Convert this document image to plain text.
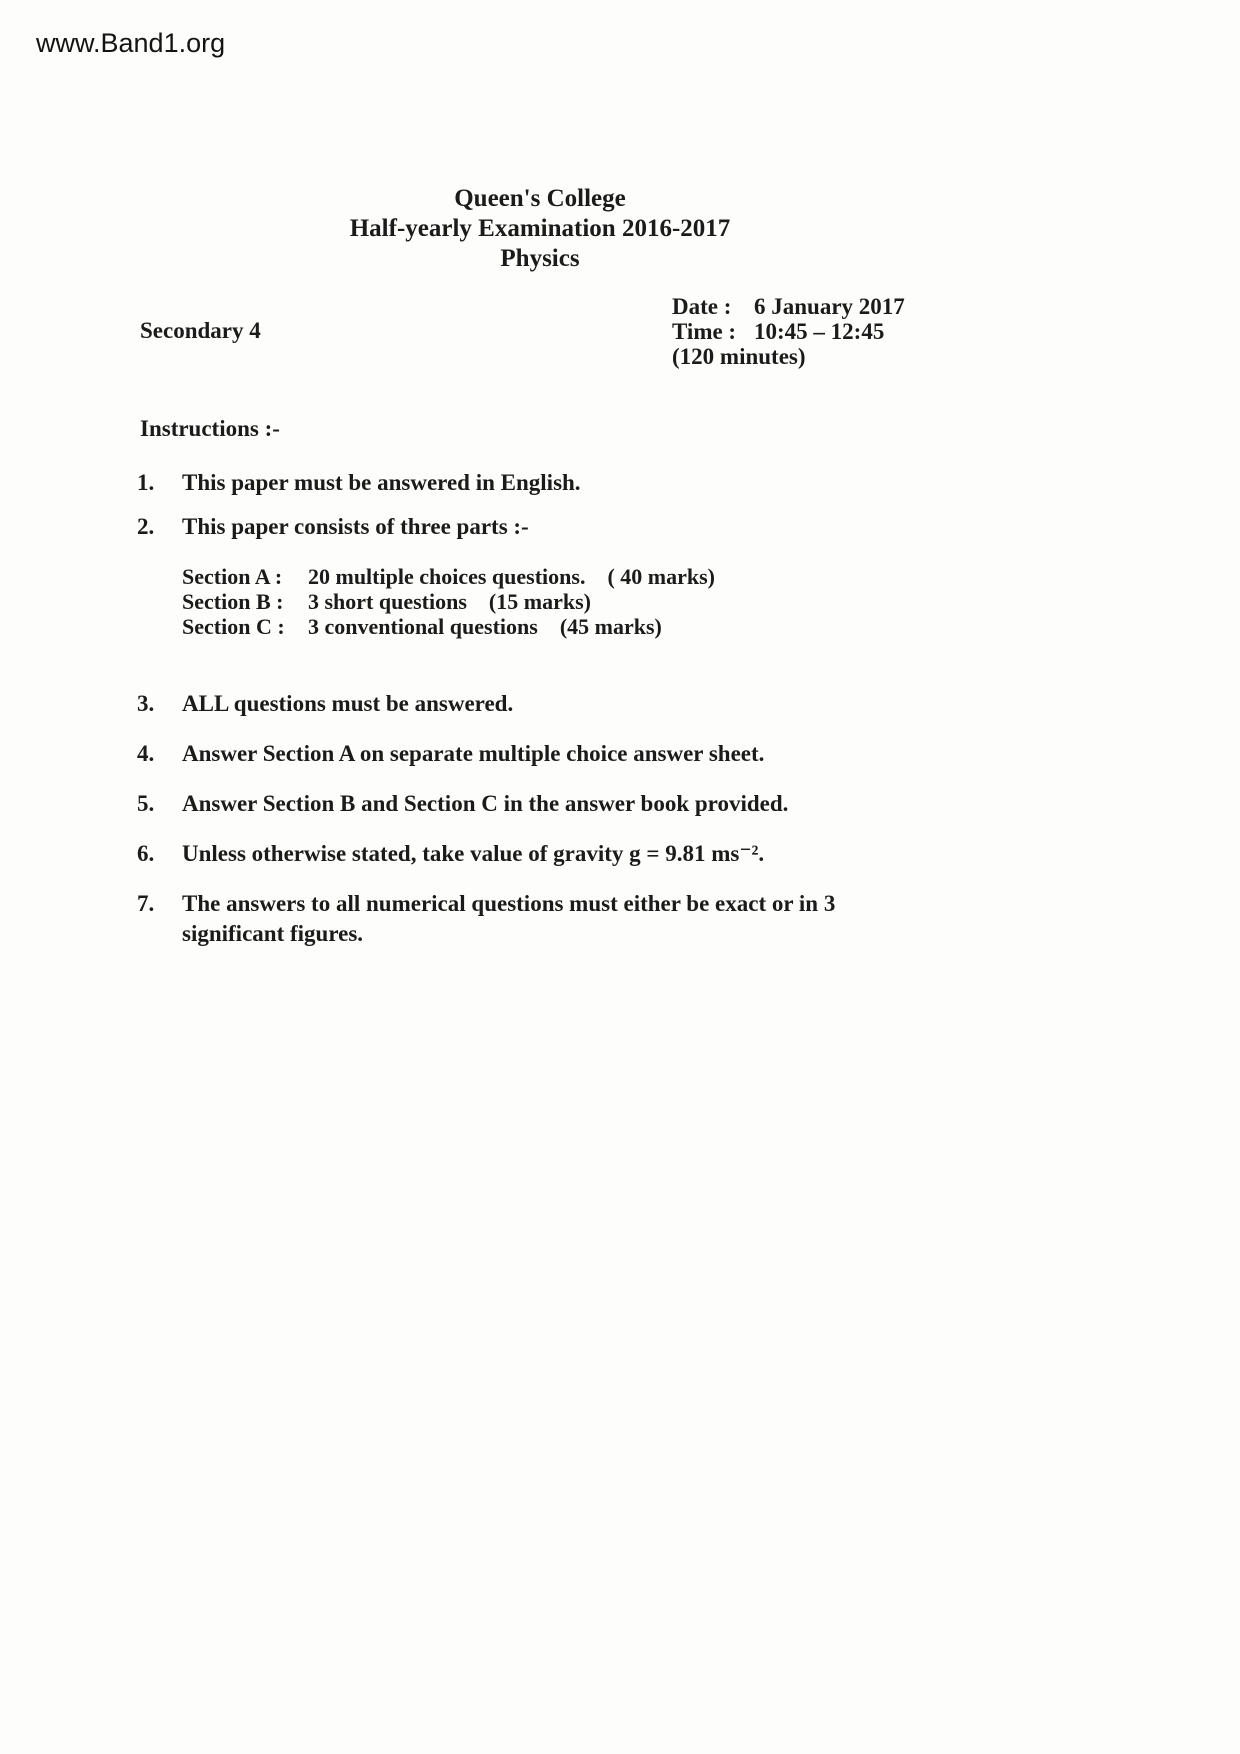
www.Band1.org
Queen's College
Half-yearly Examination 2016-2017
Physics
Secondary 4
Date : 6 January 2017
Time : 10:45 – 12:45
(120 minutes)
Instructions :-
1.	This paper must be answered in English.
2.	This paper consists of three parts :-
Section A :	20 multiple choices questions. ( 40 marks)
Section B :	3 short questions (15 marks)
Section C :	3 conventional questions (45 marks)
3.	ALL questions must be answered.
4.	Answer Section A on separate multiple choice answer sheet.
5.	Answer Section B and Section C in the answer book provided.
6.	Unless otherwise stated, take value of gravity g = 9.81 ms⁻².
7.	The answers to all numerical questions must either be exact or in 3 significant figures.
